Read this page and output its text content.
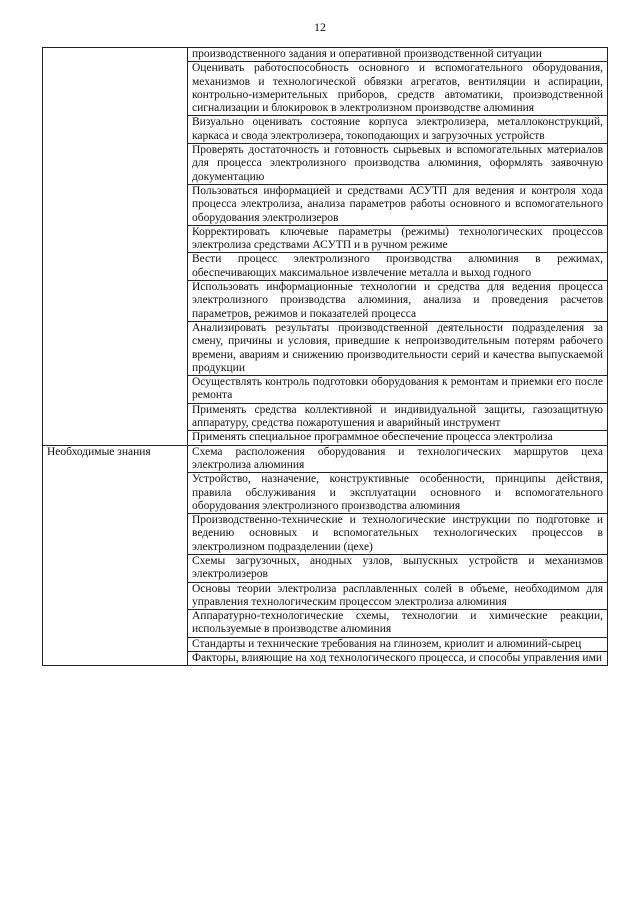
12
	производственного задания и оперативной производственной ситуации
	Оценивать работоспособность основного и вспомогательного оборудования, механизмов и технологической обвязки агрегатов, вентиляции и аспирации, контрольно-измерительных приборов, средств автоматики, производственной сигнализации и блокировок в электролизном производстве алюминия
	Визуально оценивать состояние корпуса электролизера, металлоконструкций, каркаса и свода электролизера, токоподающих и загрузочных устройств
	Проверять достаточность и готовность сырьевых и вспомогательных материалов для процесса электролизного производства алюминия, оформлять заявочную документацию
	Пользоваться информацией и средствами АСУТП для ведения и контроля хода процесса электролиза, анализа параметров работы основного и вспомогательного оборудования электролизеров
	Корректировать ключевые параметры (режимы) технологических процессов электролиза средствами АСУТП и в ручном режиме
	Вести процесс электролизного производства алюминия в режимах, обеспечивающих максимальное извлечение металла и выход годного
	Использовать информационные технологии и средства для ведения процесса электролизного производства алюминия, анализа и проведения расчетов параметров, режимов и показателей процесса
	Анализировать результаты производственной деятельности подразделения за смену, причины и условия, приведшие к непроизводительным потерям рабочего времени, авариям и снижению производительности серий и качества выпускаемой продукции
	Осуществлять контроль подготовки оборудования к ремонтам и приемки его после ремонта
	Применять средства коллективной и индивидуальной защиты, газозащитную аппаратуру, средства пожаротушения и аварийный инструмент
	Применять специальное программное обеспечение процесса электролиза
Необходимые знания	Схема расположения оборудования и технологических маршрутов цеха электролиза алюминия
	Устройство, назначение, конструктивные особенности, принципы действия, правила обслуживания и эксплуатации основного и вспомогательного оборудования электролизного производства алюминия
	Производственно-технические и технологические инструкции по подготовке и ведению основных и вспомогательных технологических процессов в электролизном подразделении (цехе)
	Схемы загрузочных, анодных узлов, выпускных устройств и механизмов электролизеров
	Основы теории электролиза расплавленных солей в объеме, необходимом для управления технологическим процессом электролиза алюминия
	Аппаратурно-технологические схемы, технологии и химические реакции, используемые в производстве алюминия
	Стандарты и технические требования на глинозем, криолит и алюминий-сырец
	Факторы, влияющие на ход технологического процесса, и способы управления ими
